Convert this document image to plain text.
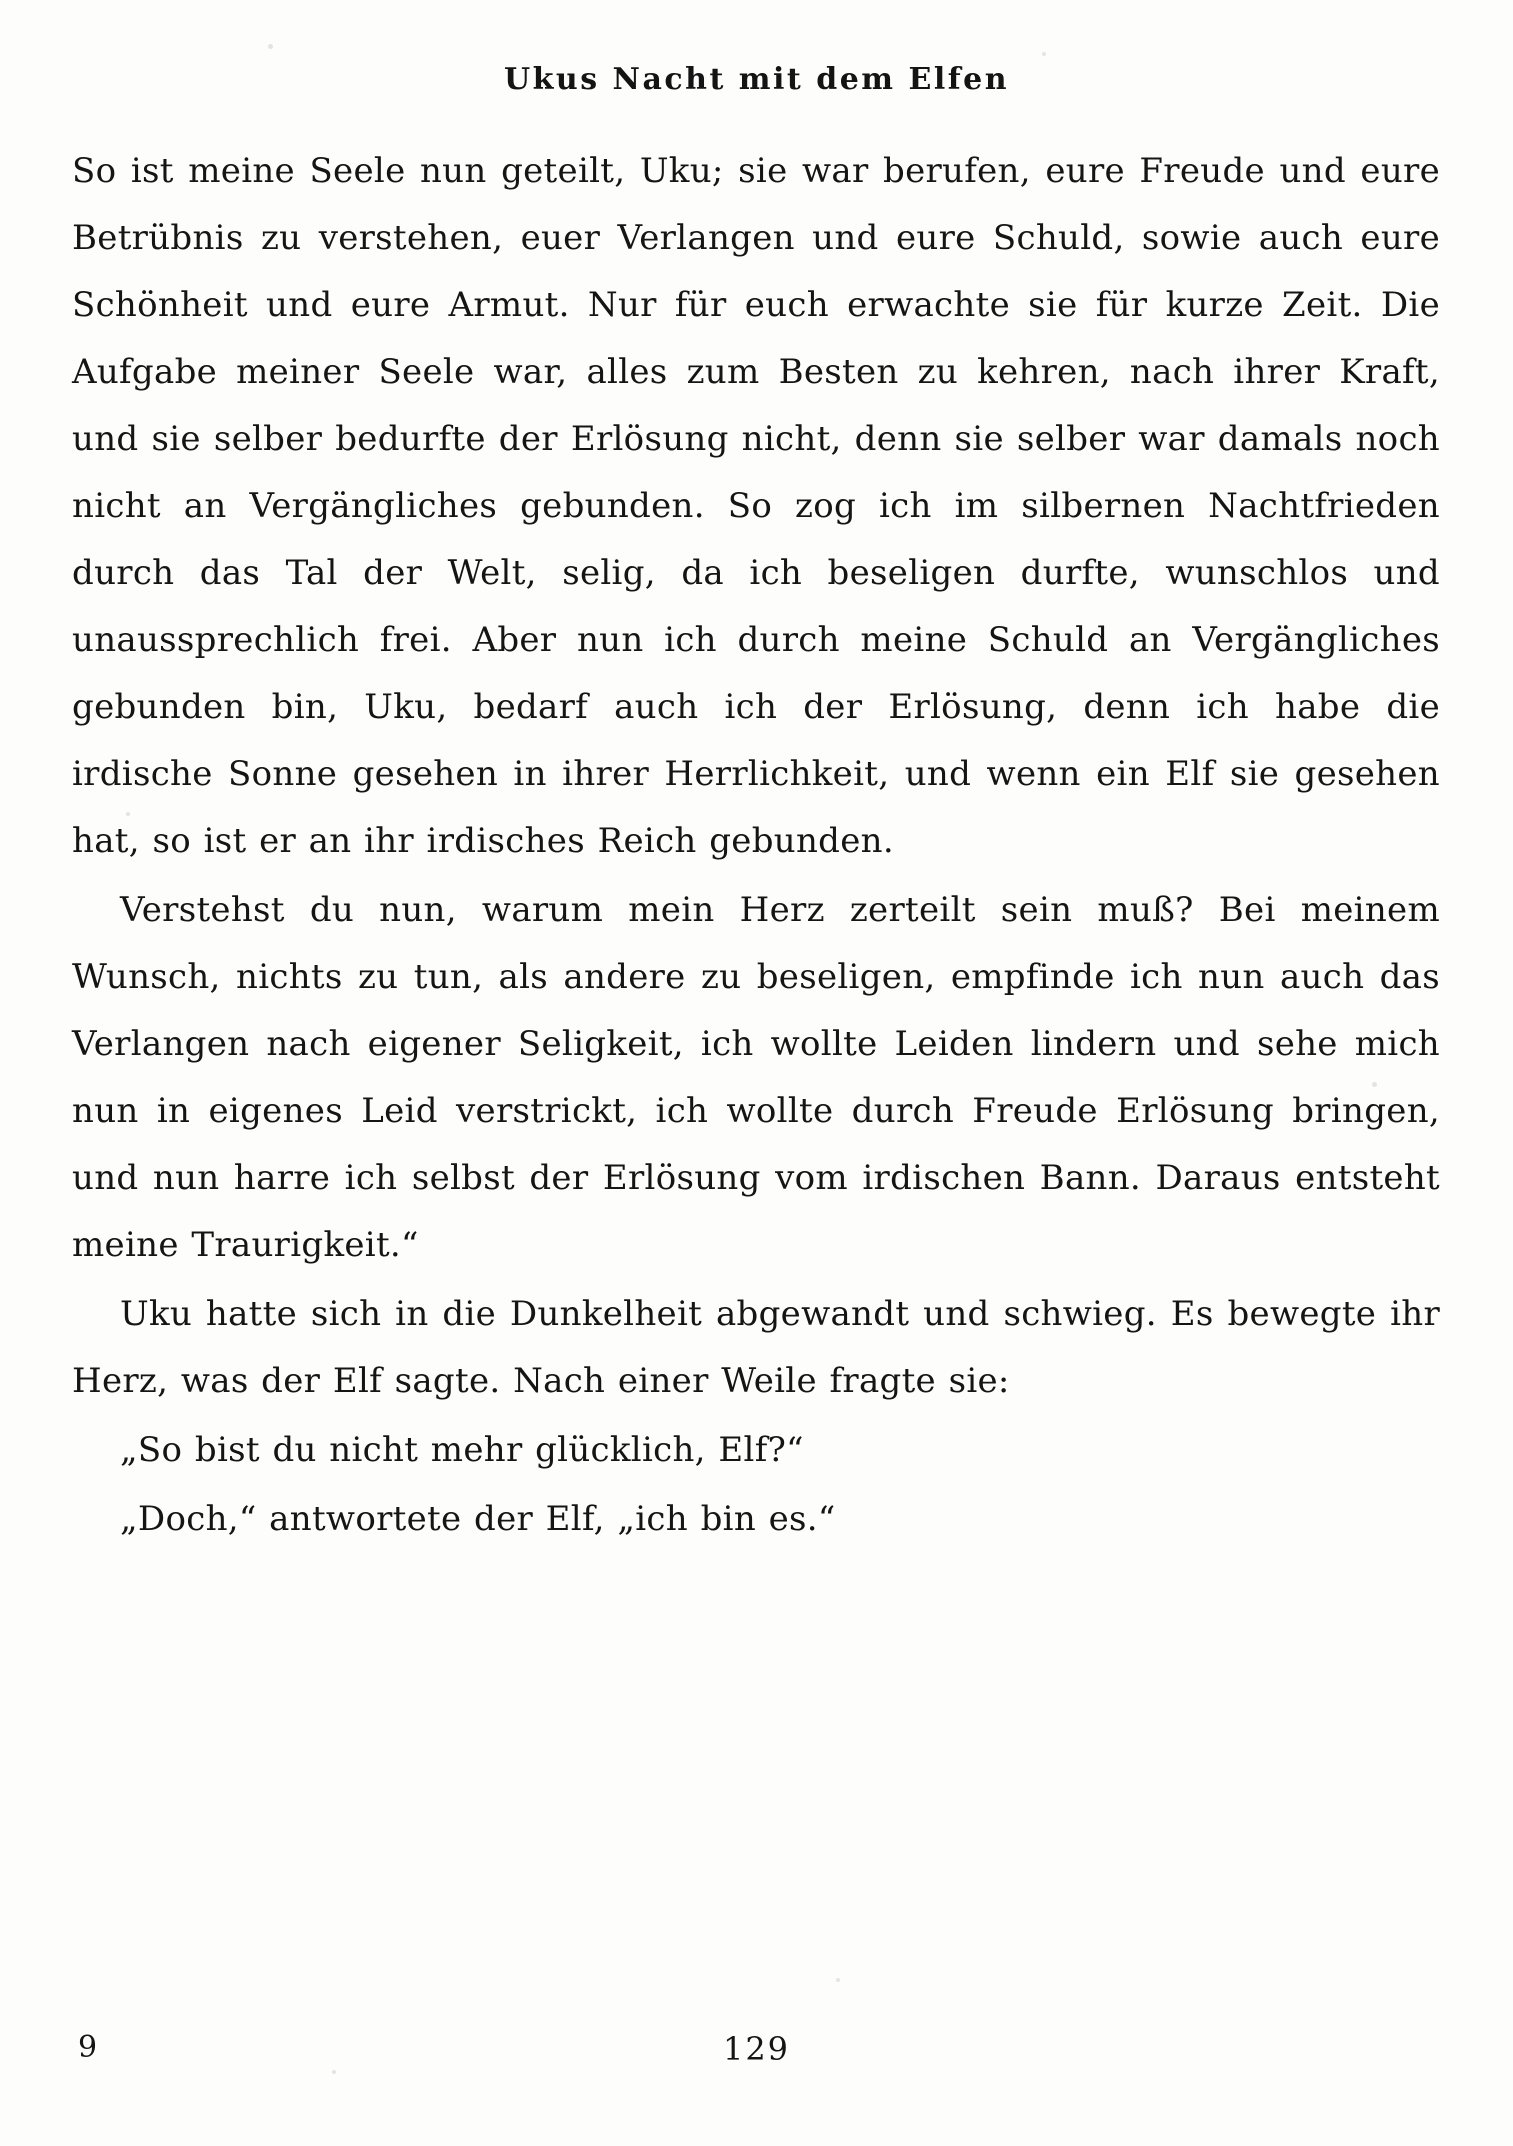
Ukus Nacht mit dem Elfen

So ist meine Seele nun geteilt, Uku; sie war berufen, eure Freude und eure Betrübnis zu verstehen, euer Verlangen und eure Schuld, sowie auch eure Schönheit und eure Armut. Nur für euch erwachte sie für kurze Zeit. Die Aufgabe meiner Seele war, alles zum Besten zu kehren, nach ihrer Kraft, und sie selber bedurfte der Erlösung nicht, denn sie selber war damals noch nicht an Vergängliches gebunden. So zog ich im silbernen Nachtfrieden durch das Tal der Welt, selig, da ich beseligen durfte, wunschlos und unaussprechlich frei. Aber nun ich durch meine Schuld an Vergängliches gebunden bin, Uku, bedarf auch ich der Erlösung, denn ich habe die irdische Sonne gesehen in ihrer Herrlichkeit, und wenn ein Elf sie gesehen hat, so ist er an ihr irdisches Reich gebunden.

Verstehst du nun, warum mein Herz zerteilt sein muß? Bei meinem Wunsch, nichts zu tun, als andere zu beseligen, empfinde ich nun auch das Verlangen nach eigener Seligkeit, ich wollte Leiden lindern und sehe mich nun in eigenes Leid verstrickt, ich wollte durch Freude Erlösung bringen, und nun harre ich selbst der Erlösung vom irdischen Bann. Daraus entsteht meine Traurigkeit.“

Uku hatte sich in die Dunkelheit abgewandt und schwieg. Es bewegte ihr Herz, was der Elf sagte. Nach einer Weile fragte sie:

„So bist du nicht mehr glücklich, Elf?“

„Doch,“ antwortete der Elf, „ich bin es.“

9	129
